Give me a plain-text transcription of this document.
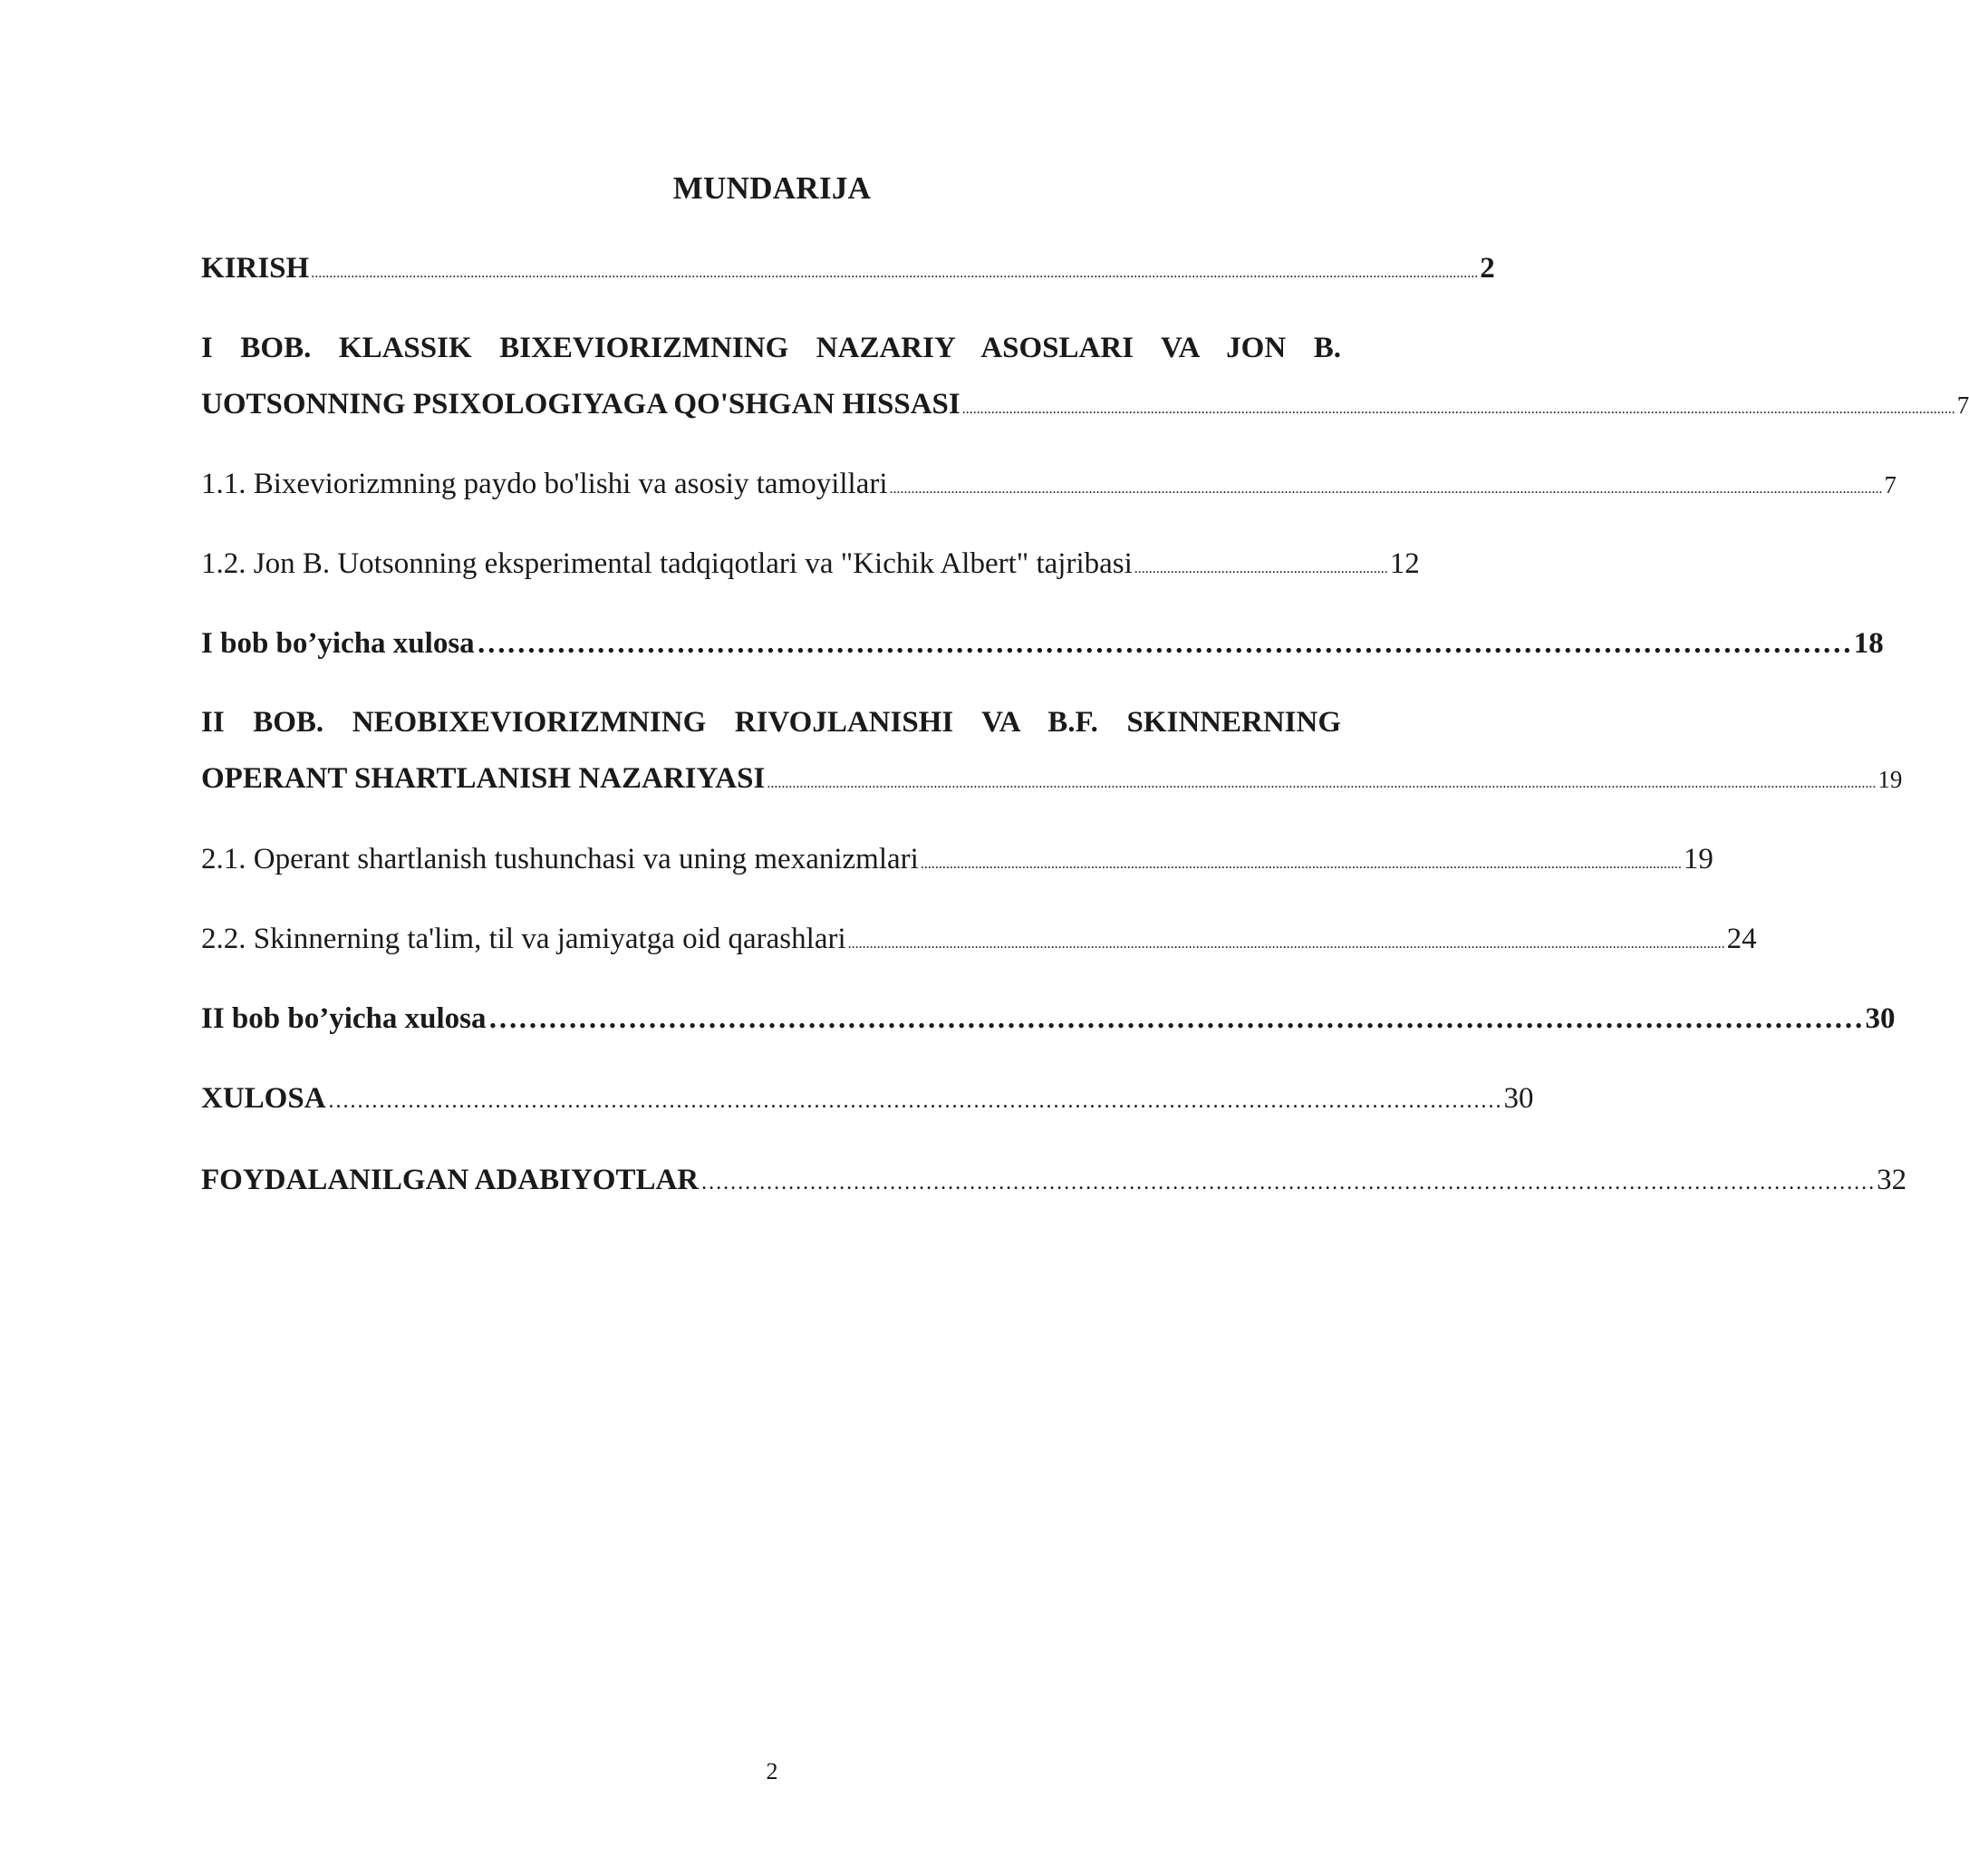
MUNDARIJA
KIRISH .................................................................................................................................................................................................................................................................................................................................. 2
I BOB. KLASSIK BIXEVIORIZMNING NAZARIY ASOSLARI VA JON B.
UOTSONNING PSIXOLOGIYAGA QO'SHGAN HISSASI .................................................................................................................................................................................................................................................................................. 7
1.1. Bixeviorizmning paydo bo'lishi va asosiy tamoyillari .................................................................................................................................................................................................................................................................................. 7
1.2. Jon B. Uotsonning eksperimental tadqiqotlari va "Kichik Albert" tajribasi ...................................................................... 12
I bob bo’yicha xulosa ………………………………………………………………………………………………………………………… 18
II BOB. NEOBIXEVIORIZMNING RIVOJLANISHI VA B.F. SKINNERNING
OPERANT SHARTLANISH NAZARIYASI .................................................................................................................................................................................................................................................................................................................. 19
2.1. Operant shartlanish tushunchasi va uning mexanizmlari .................................................................................................................................................................................................................. 19
2.2. Skinnerning ta'lim, til va jamiyatga oid qarashlari .................................................................................................................................................................................................................................................. 24
II bob bo’yicha xulosa ………………………………………………………………………………………………………………………… 30
XULOSA ……………………………………………………………………………………………………………………………………………… 30
FOYDALANILGAN ADABIYOTLAR ……………………………………………………………………………………………………………………………………………… 32
2
